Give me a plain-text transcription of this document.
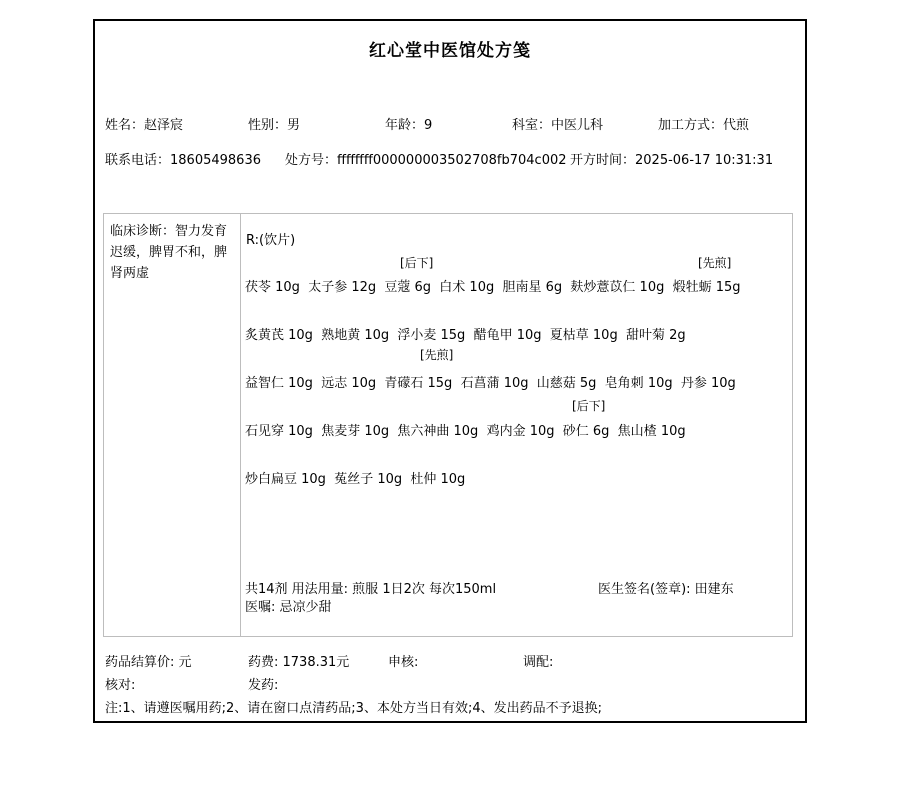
红心堂中医馆处方笺
姓名：赵泽宸	性别：男	年龄：9	科室：中医儿科	加工方式：代煎
联系电话：18605498636 处方号：ffffffff000000003502708fb704c002 开方时间：2025-06-17 10:31:31
临床诊断：智力发育迟缓，脾胃不和，脾肾两虚
R:(饮片)
[后下]	[先煎]
茯苓 10g  太子参 12g  豆蔻 6g  白术 10g  胆南星 6g  麸炒薏苡仁 10g  煅牡蛎 15g
炙黄芪 10g  熟地黄 10g  浮小麦 15g  醋龟甲 10g  夏枯草 10g  甜叶菊 2g
[先煎]
益智仁 10g  远志 10g  青礞石 15g  石菖蒲 10g  山慈菇 5g  皂角刺 10g  丹参 10g
[后下]
石见穿 10g  焦麦芽 10g  焦六神曲 10g  鸡内金 10g  砂仁 6g  焦山楂 10g
炒白扁豆 10g  菟丝子 10g  杜仲 10g
共14剂 用法用量: 煎服 1日2次 每次150ml	医生签名(签章): 田建东
医嘱: 忌凉少甜
药品结算价: 元	药费: 1738.31元	申核:	调配:
核对:	发药:
注:1、请遵医嘱用药;2、请在窗口点清药品;3、本处方当日有效;4、发出药品不予退换;
